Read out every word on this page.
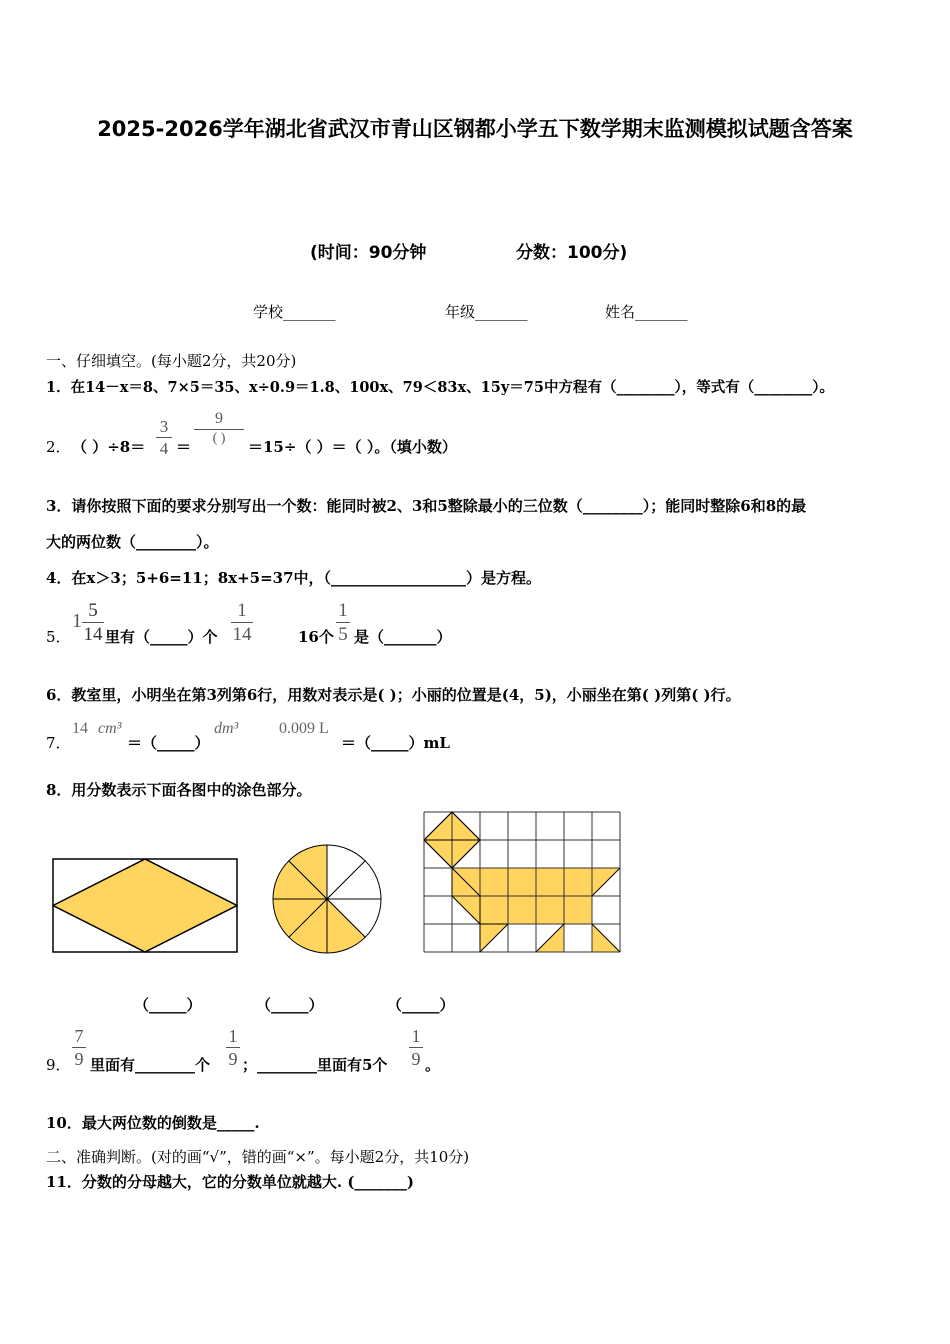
2025-2026学年湖北省武汉市青山区钢都小学五下数学期末监测模拟试题含答案
(时间：90分钟	分数：100分)
学校_______	年级_______	姓名_______
一、仔细填空。(每小题2分，共20分)
1．在14－x＝8、7×5＝35、x÷0.9＝1.8、100x、79＜83x、15y＝75中方程有（________），等式有（________）。
2． （ ）÷8＝
3
4 ＝
9
( )	＝15÷（ ）＝（ ）。（填小数）
3．请你按照下面的要求分别写出一个数：能同时被2、3和5整除最小的三位数（________）；能同时整除6和8的最
大的两位数（________）。
4．在x＞3；5+6=11；8x+5=37中，（__________________）是方程。
5．
1 5
14 里有（_____）个
1
14	16个
1
5 是（_______）
6．教室里，小明坐在第3列第6行，用数对表示是( )；小丽的位置是(4，5)，小丽坐在第( )列第( )行。
7．
14 cm³
＝（_____）
dm³	0.009 L
＝（_____）mL
8．用分数表示下面各图中的涂色部分。
（_____）	（_____）	（_____）
9．
7
9 里面有________个
1
9 ；________里面有5个
1
9 。
10．最大两位数的倒数是_____.
二、准确判断。(对的画“√”，错的画“×”。每小题2分，共10分)
11．分数的分母越大，它的分数单位就越大. (_______)
